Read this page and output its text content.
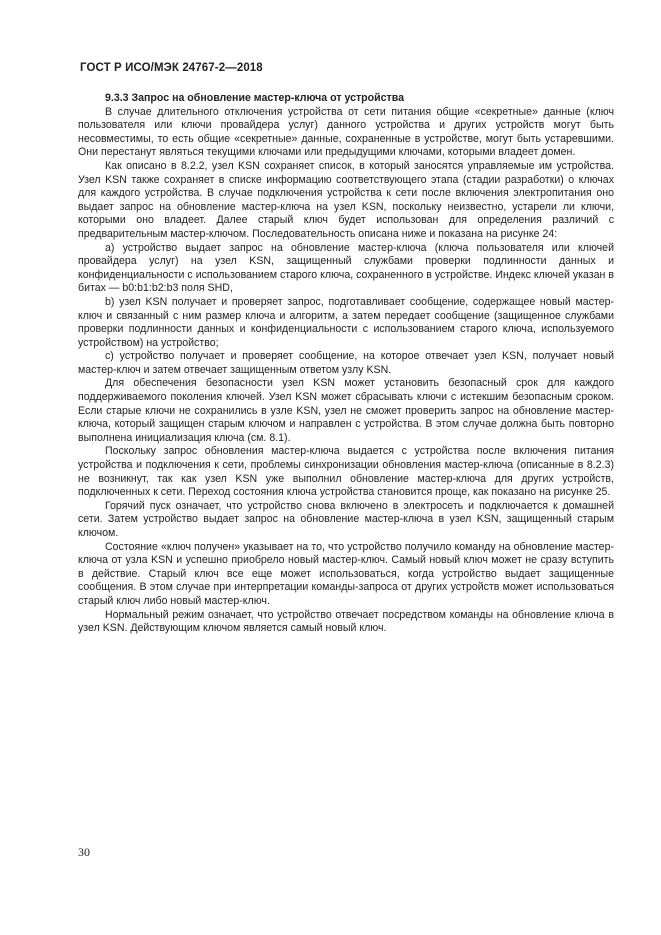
ГОСТ Р ИСО/МЭК 24767-2—2018
9.3.3 Запрос на обновление мастер-ключа от устройства

В случае длительного отключения устройства от сети питания общие «секретные» данные (ключ пользователя или ключи провайдера услуг) данного устройства и других устройств могут быть несовместимы, то есть общие «секретные» данные, сохраненные в устройстве, могут быть устаревшими. Они перестанут являться текущими ключами или предыдущими ключами, которыми владеет домен.

Как описано в 8.2.2, узел KSN сохраняет список, в который заносятся управляемые им устройства. Узел KSN также сохраняет в списке информацию соответствующего этапа (стадии разработки) о ключах для каждого устройства. В случае подключения устройства к сети после включения электропитания оно выдает запрос на обновление мастер-ключа на узел KSN, поскольку неизвестно, устарели ли ключи, которыми оно владеет. Далее старый ключ будет использован для определения различий с предварительным мастер-ключом. Последовательность описана ниже и показана на рисунке 24:

a) устройство выдает запрос на обновление мастер-ключа (ключа пользователя или ключей провайдера услуг) на узел KSN, защищенный службами проверки подлинности данных и конфиденциальности с использованием старого ключа, сохраненного в устройстве. Индекс ключей указан в битах — b0:b1:b2:b3 поля SHD,

b) узел KSN получает и проверяет запрос, подготавливает сообщение, содержащее новый мастер-ключ и связанный с ним размер ключа и алгоритм, а затем передает сообщение (защищенное службами проверки подлинности данных и конфиденциальности с использованием старого ключа, используемого устройством) на устройство;

c) устройство получает и проверяет сообщение, на которое отвечает узел KSN, получает новый мастер-ключ и затем отвечает защищенным ответом узлу KSN.

Для обеспечения безопасности узел KSN может установить безопасный срок для каждого поддерживаемого поколения ключей. Узел KSN может сбрасывать ключи с истекшим безопасным сроком. Если старые ключи не сохранились в узле KSN, узел не сможет проверить запрос на обновление мастер-ключа, который защищен старым ключом и направлен с устройства. В этом случае должна быть повторно выполнена инициализация ключа (см. 8.1).

Поскольку запрос обновления мастер-ключа выдается с устройства после включения питания устройства и подключения к сети, проблемы синхронизации обновления мастер-ключа (описанные в 8.2.3) не возникнут, так как узел KSN уже выполнил обновление мастер-ключа для других устройств, подключенных к сети. Переход состояния ключа устройства становится проще, как показано на рисунке 25.

Горячий пуск означает, что устройство снова включено в электросеть и подключается к домашней сети. Затем устройство выдает запрос на обновление мастер-ключа в узел KSN, защищенный старым ключом.

Состояние «ключ получен» указывает на то, что устройство получило команду на обновление мастер-ключа от узла KSN и успешно приобрело новый мастер-ключ. Самый новый ключ может не сразу вступить в действие. Старый ключ все еще может использоваться, когда устройство выдает защищенные сообщения. В этом случае при интерпретации команды-запроса от других устройств может использоваться старый ключ либо новый мастер-ключ.

Нормальный режим означает, что устройство отвечает посредством команды на обновление ключа в узел KSN. Действующим ключом является самый новый ключ.

30
